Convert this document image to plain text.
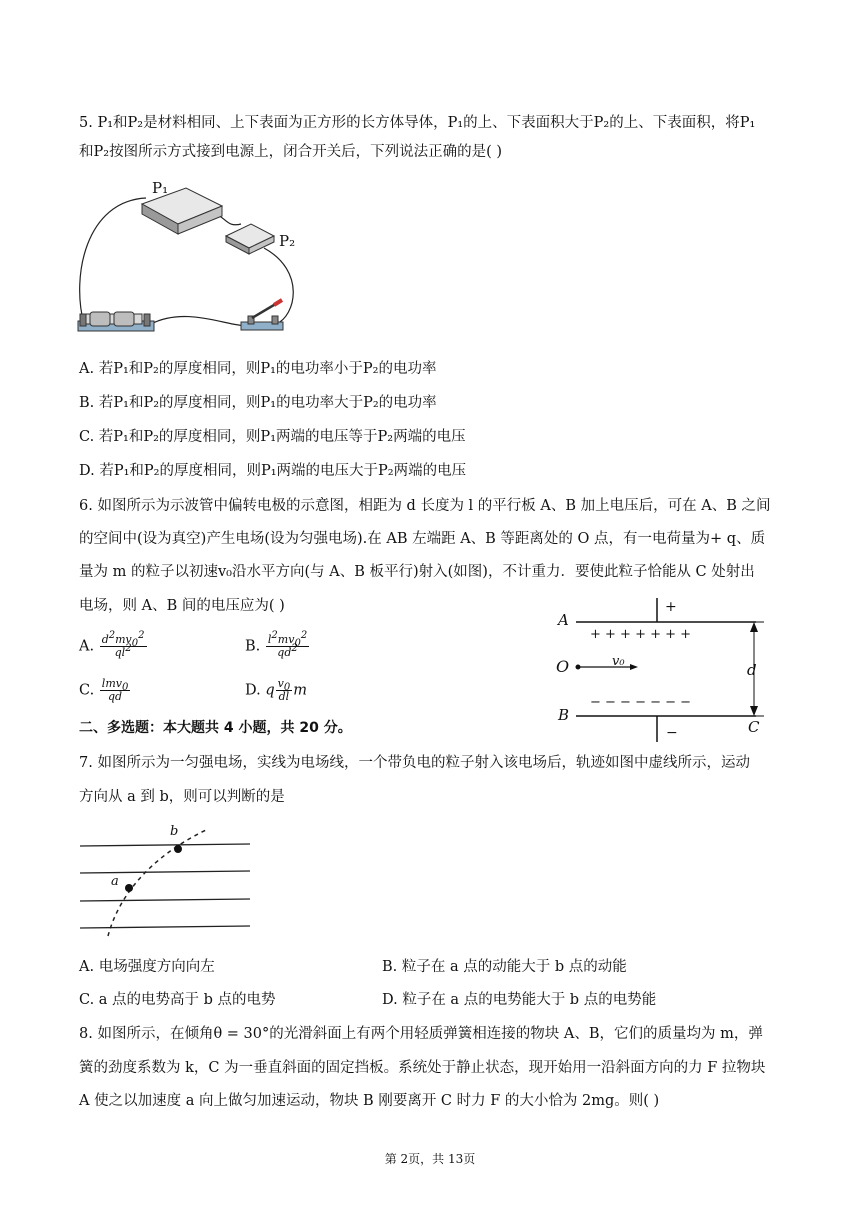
5. P₁和P₂是材料相同、上下表面为正方形的长方体导体，P₁的上、下表面积大于P₂的上、下表面积，将P₁
和P₂按图所示方式接到电源上，闭合开关后，下列说法正确的是( )
P₁
P₂
A. 若P₁和P₂的厚度相同，则P₁的电功率小于P₂的电功率
B. 若P₁和P₂的厚度相同，则P₁的电功率大于P₂的电功率
C. 若P₁和P₂的厚度相同，则P₁两端的电压等于P₂两端的电压
D. 若P₁和P₂的厚度相同，则P₁两端的电压大于P₂两端的电压
6. 如图所示为示波管中偏转电极的示意图，相距为 d 长度为 l 的平行板 A、B 加上电压后，可在 A、B 之间
的空间中(设为真空)产生电场(设为匀强电场).在 AB 左端距 A、B 等距离处的 O 点，有一电荷量为+ q、质
量为 m 的粒子以初速v₀沿水平方向(与 A、B 板平行)射入(如图)，不计重力．要使此粒子恰能从 C 处射出
电场，则 A、B 间的电压应为( )
A. $\frac{d^2mv_0^2}{ql^2}$	B. $\frac{l^2mv_0^2}{qd^2}$
C. $\frac{lmv_0}{qd}$	D. q $\frac{v_0}{dl}$ m
A
B
O	d
C
v₀
+
−
+ + + + + + +
− − − − − − −
二、多选题：本大题共 4 小题，共 20 分。
7. 如图所示为一匀强电场，实线为电场线，一个带负电的粒子射入该电场后，轨迹如图中虚线所示，运动
方向从 a 到 b，则可以判断的是
a
b
A. 电场强度方向向左	B. 粒子在 a 点的动能大于 b 点的动能
C. a 点的电势高于 b 点的电势	D. 粒子在 a 点的电势能大于 b 点的电势能
8. 如图所示，在倾角θ = 30°的光滑斜面上有两个用轻质弹簧相连接的物块 A、B，它们的质量均为 m，弹
簧的劲度系数为 k，C 为一垂直斜面的固定挡板。系统处于静止状态，现开始用一沿斜面方向的力 F 拉物块
A 使之以加速度 a 向上做匀加速运动，物块 B 刚要离开 C 时力 F 的大小恰为 2mg。则( )
第 2页，共 13页
